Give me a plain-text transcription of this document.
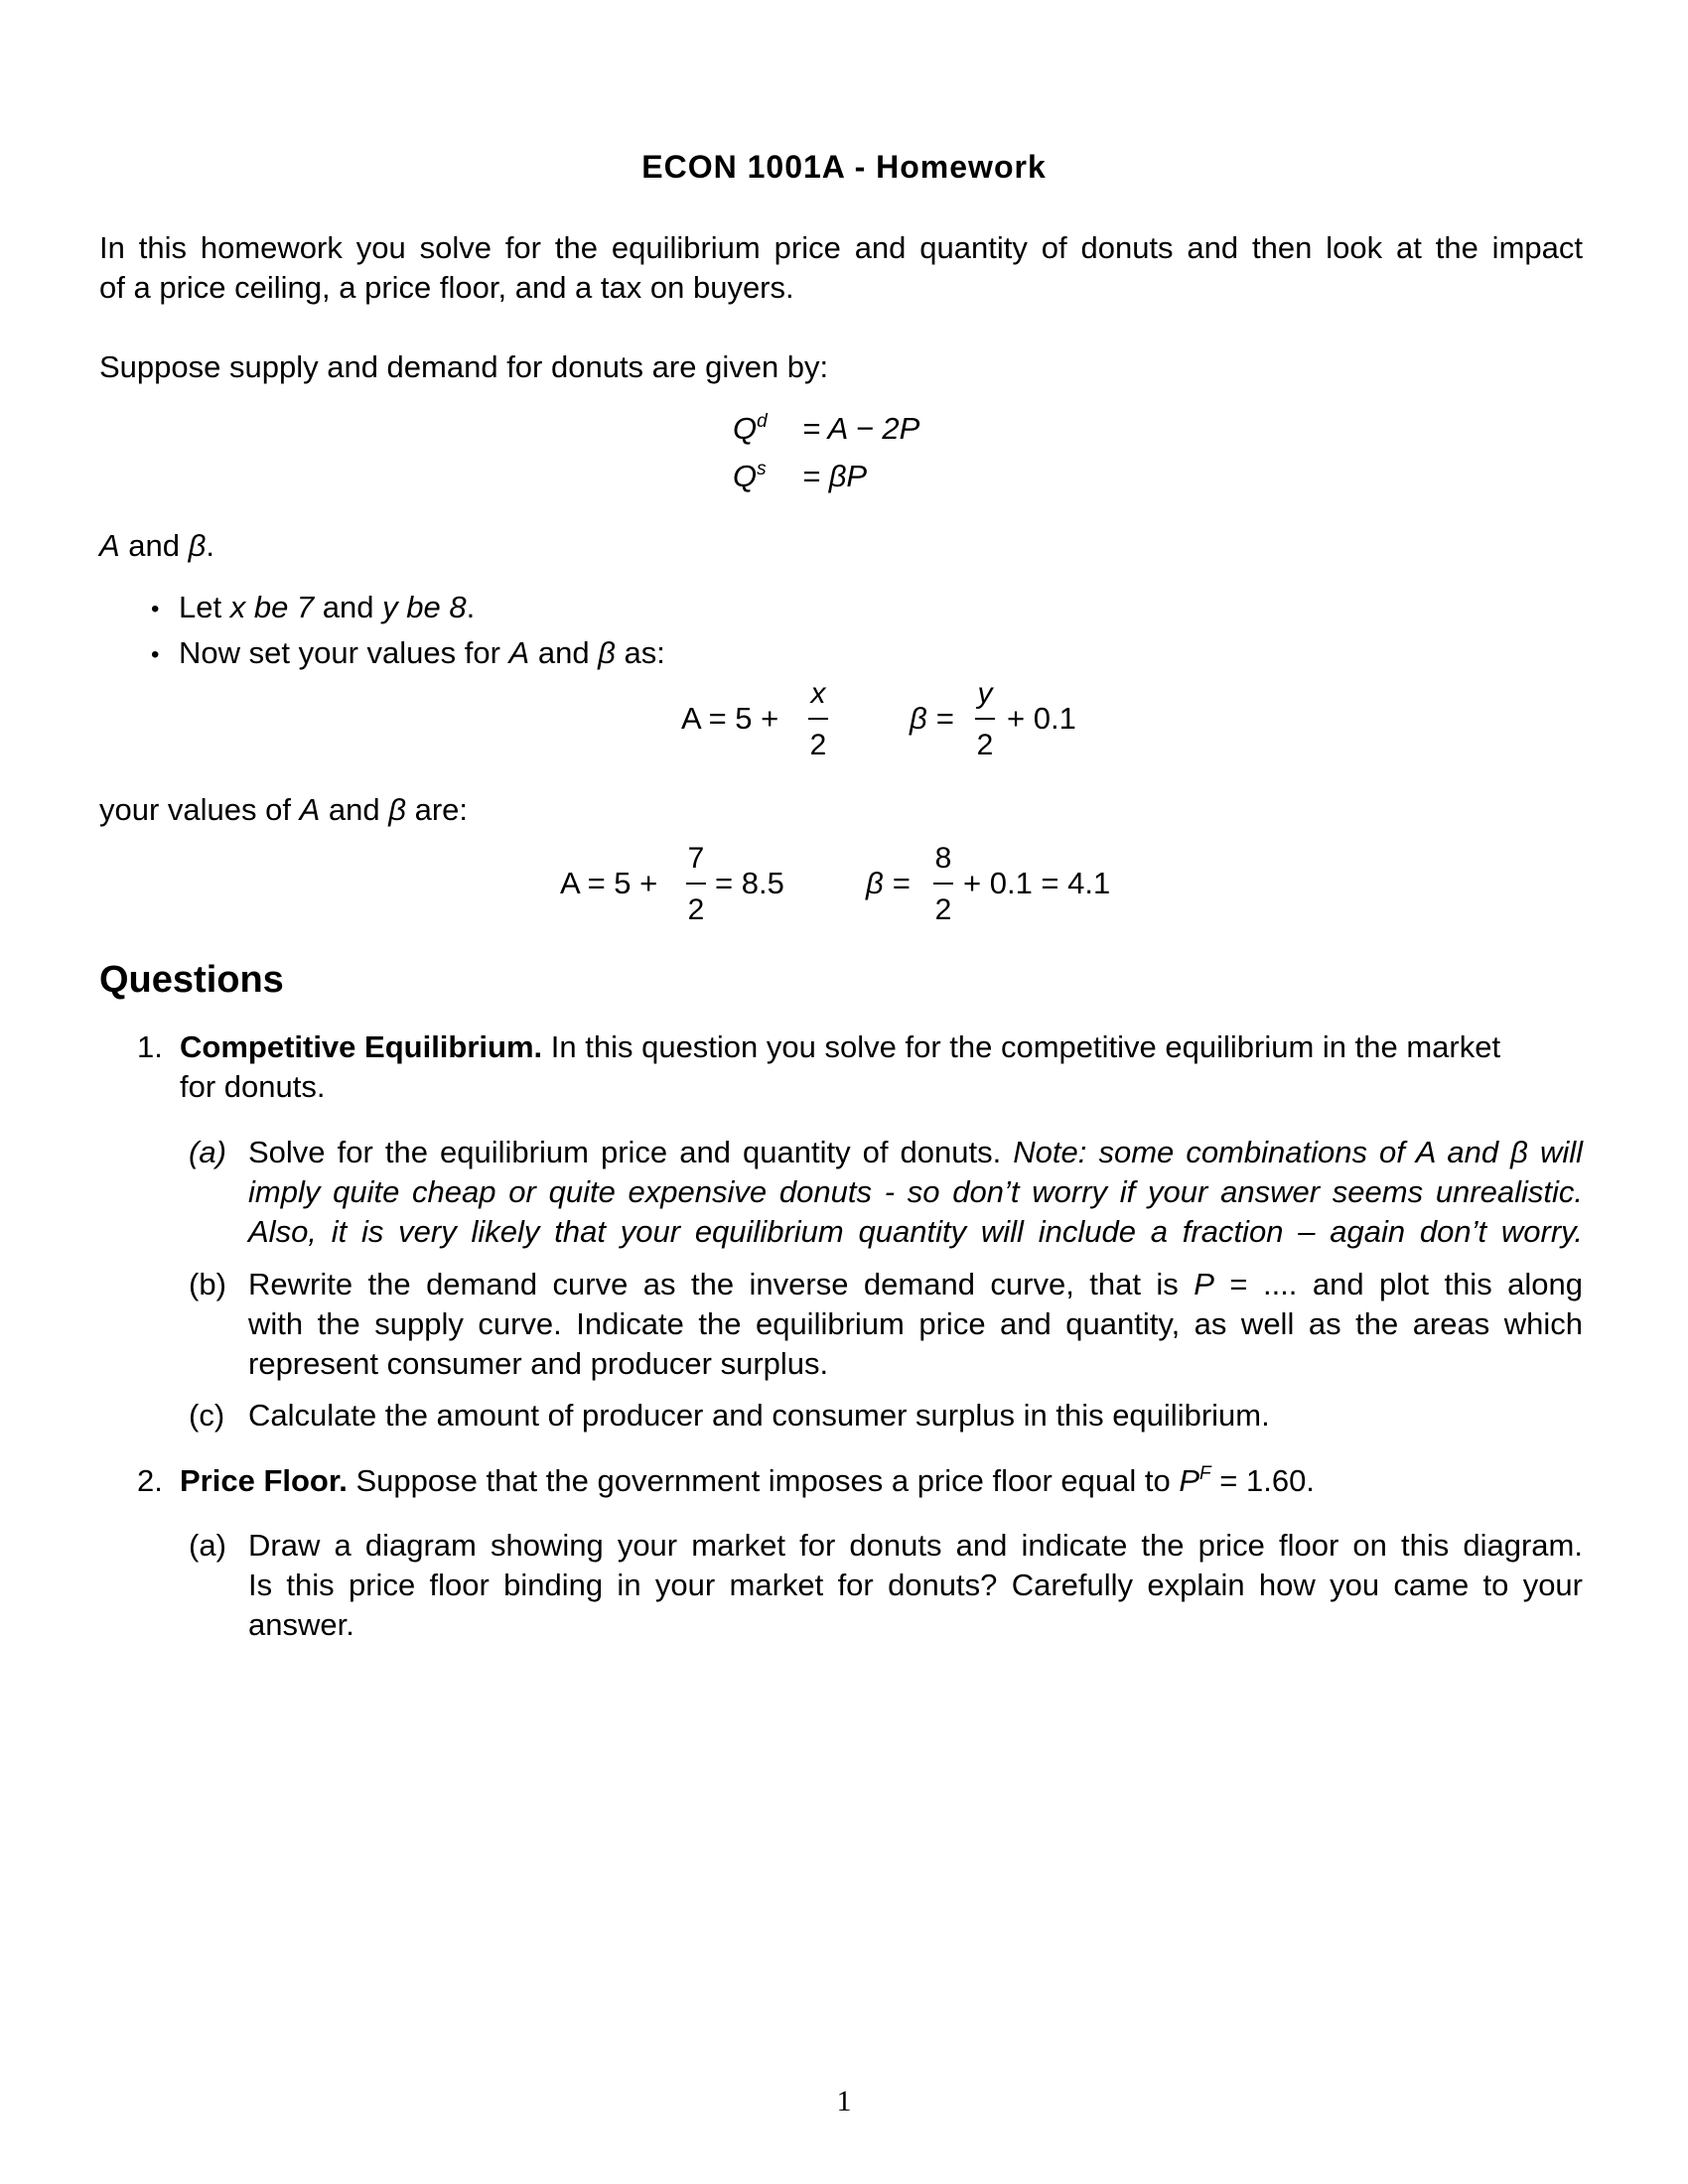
ECON 1001A - Homework
In this homework you solve for the equilibrium price and quantity of donuts and then look at the impact
of a price ceiling, a price floor, and a tax on buyers.
Suppose supply and demand for donuts are given by:
$Q^d = A - 2P$
$Q^s = \beta P$
A and β.
• Let x be 7 and y be 8.
• Now set your values for A and β as:
A = 5 +
x
2
β =
y
2
+ 0.1
your values of A and β are:
A = 5 +
7
2
= 8.5	β =
8
2
+ 0.1 = 4.1
Questions
1. Competitive Equilibrium. In this question you solve for the competitive equilibrium in the market
for donuts.
(a) Solve for the equilibrium price and quantity of donuts. Note: some combinations of A and β will
imply quite cheap or quite expensive donuts - so don’t worry if your answer seems unrealistic.
Also, it is very likely that your equilibrium quantity will include a fraction – again don’t worry.
(b) Rewrite the demand curve as the inverse demand curve, that is P = .... and plot this along
with the supply curve. Indicate the equilibrium price and quantity, as well as the areas which
represent consumer and producer surplus.
(c) Calculate the amount of producer and consumer surplus in this equilibrium.
2. Price Floor. Suppose that the government imposes a price floor equal to $P^F = 1.60$.
(a) Draw a diagram showing your market for donuts and indicate the price floor on this diagram.
Is this price floor binding in your market for donuts? Carefully explain how you came to your
answer.
1
